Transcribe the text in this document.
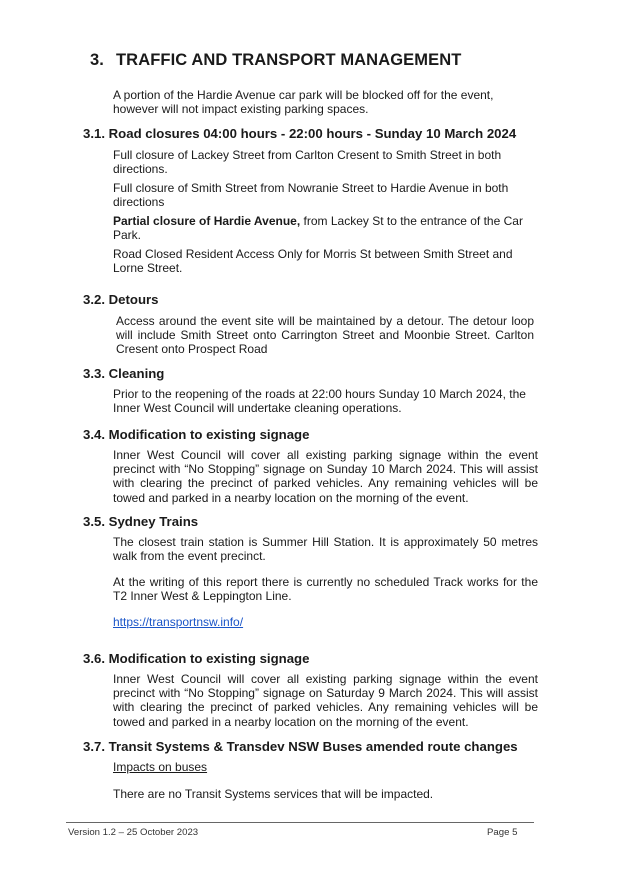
3. TRAFFIC AND TRANSPORT MANAGEMENT

A portion of the Hardie Avenue car park will be blocked off for the event, however will not impact existing parking spaces.

3.1. Road closures 04:00 hours - 22:00 hours - Sunday 10 March 2024

Full closure of Lackey Street from Carlton Cresent to Smith Street in both directions.

Full closure of Smith Street from Nowranie Street to Hardie Avenue in both directions

Partial closure of Hardie Avenue, from Lackey St to the entrance of the Car Park.

Road Closed Resident Access Only for Morris St between Smith Street and Lorne Street.

3.2. Detours

Access around the event site will be maintained by a detour. The detour loop will include Smith Street onto Carrington Street and Moonbie Street. Carlton Cresent onto Prospect Road

3.3. Cleaning

Prior to the reopening of the roads at 22:00 hours Sunday 10 March 2024, the Inner West Council will undertake cleaning operations.

3.4. Modification to existing signage

Inner West Council will cover all existing parking signage within the event precinct with “No Stopping” signage on Sunday 10 March 2024. This will assist with clearing the precinct of parked vehicles. Any remaining vehicles will be towed and parked in a nearby location on the morning of the event.

3.5. Sydney Trains

The closest train station is Summer Hill Station. It is approximately 50 metres walk from the event precinct.

At the writing of this report there is currently no scheduled Track works for the T2 Inner West & Leppington Line.

https://transportnsw.info/

3.6. Modification to existing signage

Inner West Council will cover all existing parking signage within the event precinct with “No Stopping” signage on Saturday 9 March 2024. This will assist with clearing the precinct of parked vehicles. Any remaining vehicles will be towed and parked in a nearby location on the morning of the event.

3.7. Transit Systems & Transdev NSW Buses amended route changes

Impacts on buses

There are no Transit Systems services that will be impacted.

Version 1.2 – 25 October 2023	Page 5
